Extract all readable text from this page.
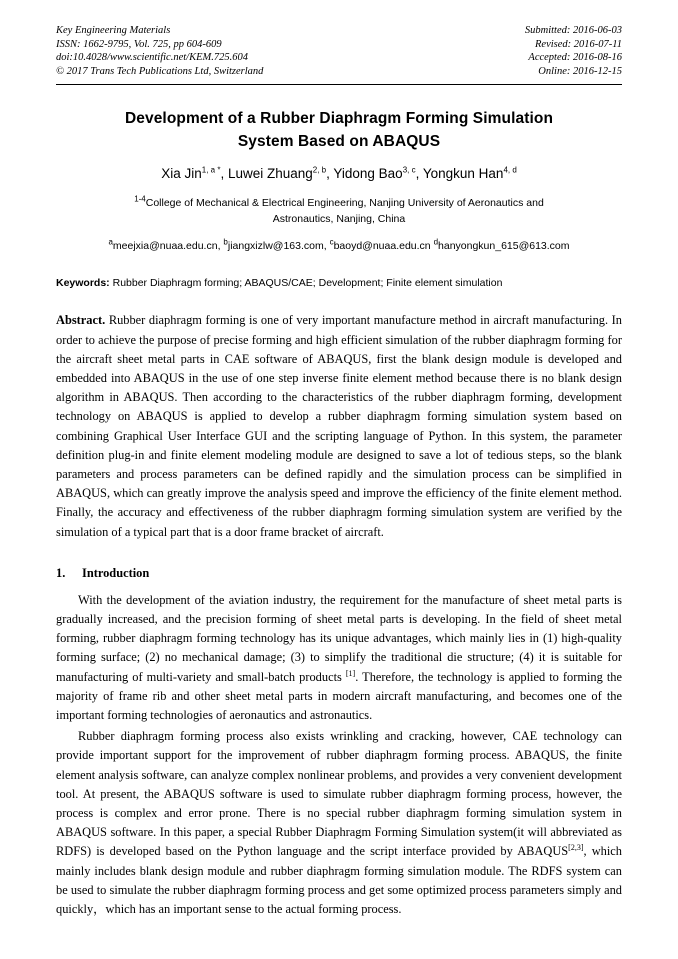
Key Engineering Materials
ISSN: 1662-9795, Vol. 725, pp 604-609
doi:10.4028/www.scientific.net/KEM.725.604
© 2017 Trans Tech Publications Ltd, Switzerland
Submitted: 2016-06-03
Revised: 2016-07-11
Accepted: 2016-08-16
Online: 2016-12-15
Development of a Rubber Diaphragm Forming Simulation
System Based on ABAQUS
Xia Jin$^{1, a *}$, Luwei Zhuang$^{2, b}$, Yidong Bao$^{3, c}$, Yongkun Han$^{4, d}$
$^{1-4}$College of Mechanical & Electrical Engineering, Nanjing University of Aeronautics and
Astronautics, Nanjing, China
$^a$meejxia@nuaa.edu.cn, $^b$jiangxizlw@163.com, $^c$baoyd@nuaa.edu.cn $^d$hanyongkun_615@613.com
Keywords: Rubber Diaphragm forming; ABAQUS/CAE; Development; Finite element simulation
Abstract. Rubber diaphragm forming is one of very important manufacture method in aircraft manufacturing. In order to achieve the purpose of precise forming and high efficient simulation of the rubber diaphragm forming for the aircraft sheet metal parts in CAE software of ABAQUS, first the blank design module is developed and embedded into ABAQUS in the use of one step inverse finite element method because there is no blank design algorithm in ABAQUS. Then according to the characteristics of the rubber diaphragm forming, development technology on ABAQUS is applied to develop a rubber diaphragm forming simulation system based on combining Graphical User Interface GUI and the scripting language of Python. In this system, the parameter definition plug-in and finite element modeling module are designed to save a lot of tedious steps, so the blank parameters and process parameters can be defined rapidly and the simulation process can be simplified in ABAQUS, which can greatly improve the analysis speed and improve the efficiency of the finite element method. Finally, the accuracy and effectiveness of the rubber diaphragm forming simulation system are verified by the simulation of a typical part that is a door frame bracket of aircraft.
1.	Introduction

With the development of the aviation industry, the requirement for the manufacture of sheet metal parts is gradually increased, and the precision forming of sheet metal parts is developing. In the field of sheet metal forming, rubber diaphragm forming technology has its unique advantages, which mainly lies in (1) high-quality forming surface; (2) no mechanical damage; (3) to simplify the traditional die structure; (4) it is suitable for manufacturing of multi-variety and small-batch products [1]. Therefore, the technology is applied to forming the majority of frame rib and other sheet metal parts in modern aircraft manufacturing, and becomes one of the important forming technologies of aeronautics and astronautics.

Rubber diaphragm forming process also exists wrinkling and cracking, however, CAE technology can provide important support for the improvement of rubber diaphragm forming process. ABAQUS, the finite element analysis software, can analyze complex nonlinear problems, and provides a very convenient development tool. At present, the ABAQUS software is used to simulate rubber diaphragm forming process, however, the process is complex and error prone. There is no special rubber diaphragm forming simulation system in ABAQUS software. In this paper, a special Rubber Diaphragm Forming Simulation system(it will abbreviated as RDFS) is developed based on the Python language and the script interface provided by ABAQUS[2,3], which mainly includes blank design module and rubber diaphragm forming simulation module. The RDFS system can be used to simulate the rubber diaphragm forming process and get some optimized process parameters simply and quickly，which has an important sense to the actual forming process.
